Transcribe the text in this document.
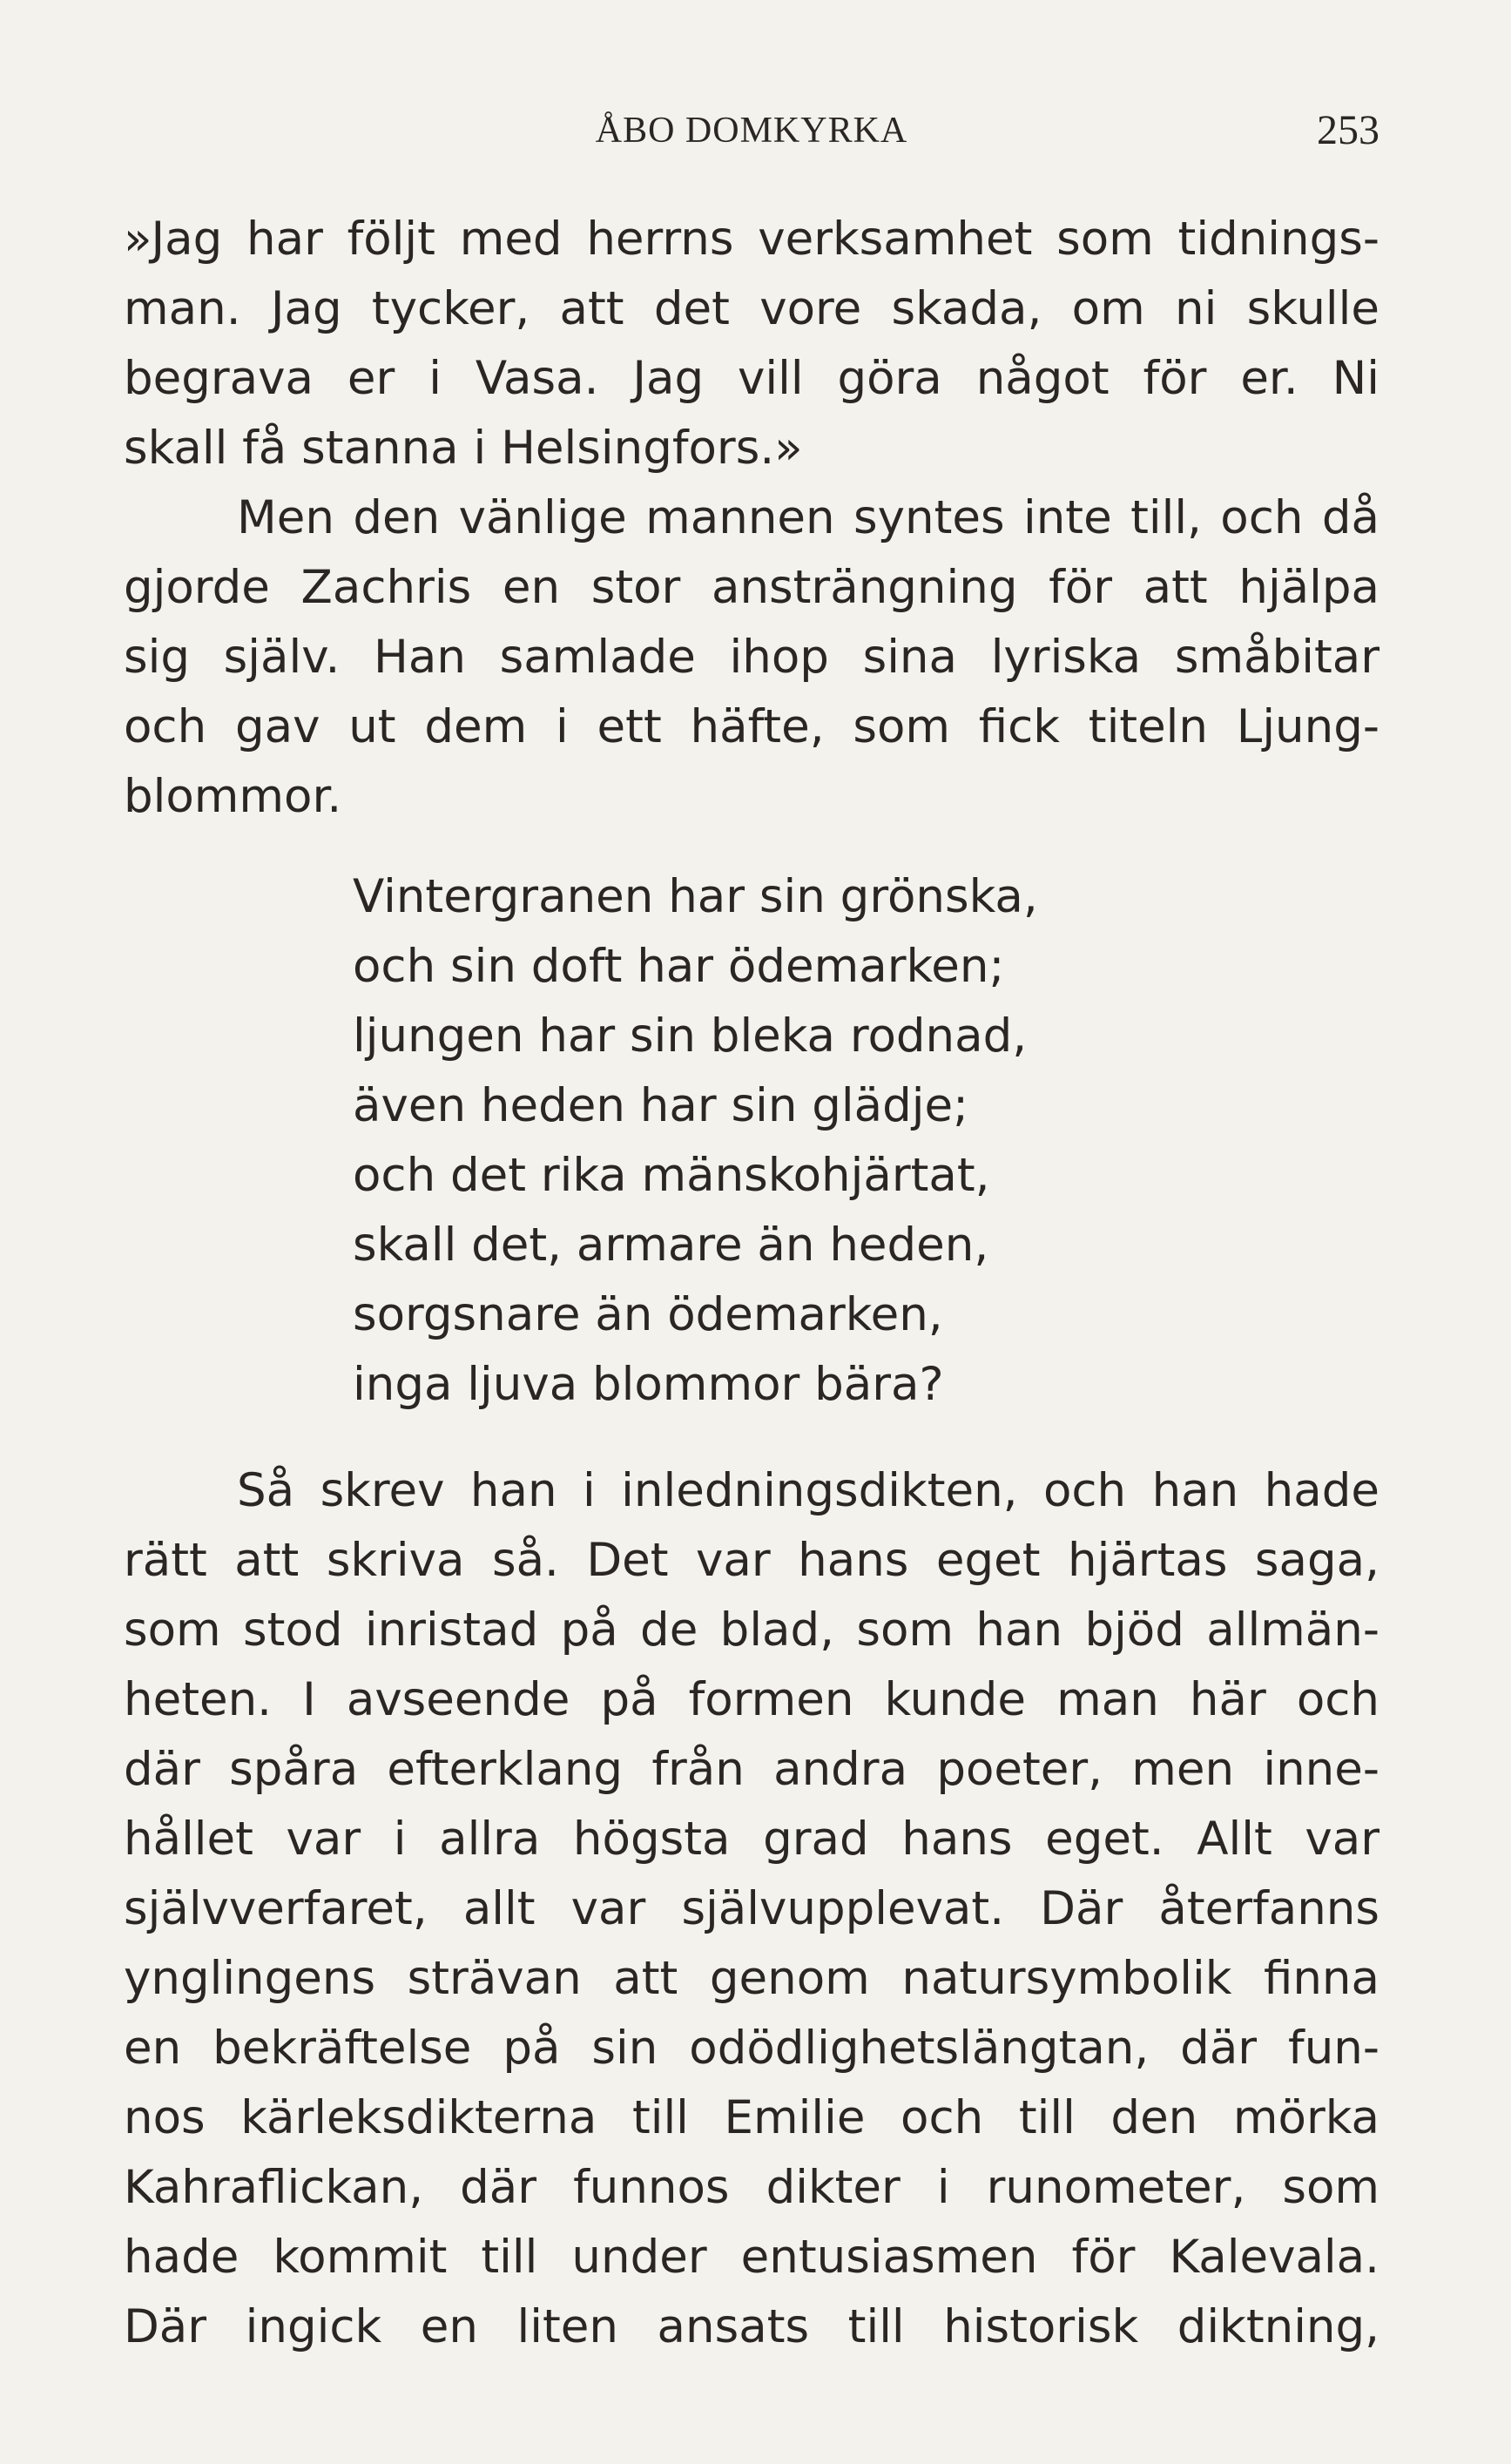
ÅBO DOMKYRKA	253
»Jag har följt med herrns verksamhet som tidnings-
man. Jag tycker, att det vore skada, om ni skulle
begrava er i Vasa. Jag vill göra något för er. Ni
skall få stanna i Helsingfors.»
Men den vänlige mannen syntes inte till, och då
gjorde Zachris en stor ansträngning för att hjälpa
sig själv. Han samlade ihop sina lyriska småbitar
och gav ut dem i ett häfte, som fick titeln Ljung-
blommor.
Vintergranen har sin grönska,
och sin doft har ödemarken;
ljungen har sin bleka rodnad,
även heden har sin glädje;
och det rika mänskohjärtat,
skall det, armare än heden,
sorgsnare än ödemarken,
inga ljuva blommor bära?
Så skrev han i inledningsdikten, och han hade
rätt att skriva så. Det var hans eget hjärtas saga,
som stod inristad på de blad, som han bjöd allmän-
heten. I avseende på formen kunde man här och
där spåra efterklang från andra poeter, men inne-
hållet var i allra högsta grad hans eget. Allt var
självverfaret, allt var självupplevat. Där återfanns
ynglingens strävan att genom natursymbolik finna
en bekräftelse på sin odödlighetslängtan, där fun-
nos kärleksdikterna till Emilie och till den mörka
Kahraflickan, där funnos dikter i runometer, som
hade kommit till under entusiasmen för Kalevala.
Där ingick en liten ansats till historisk diktning,
